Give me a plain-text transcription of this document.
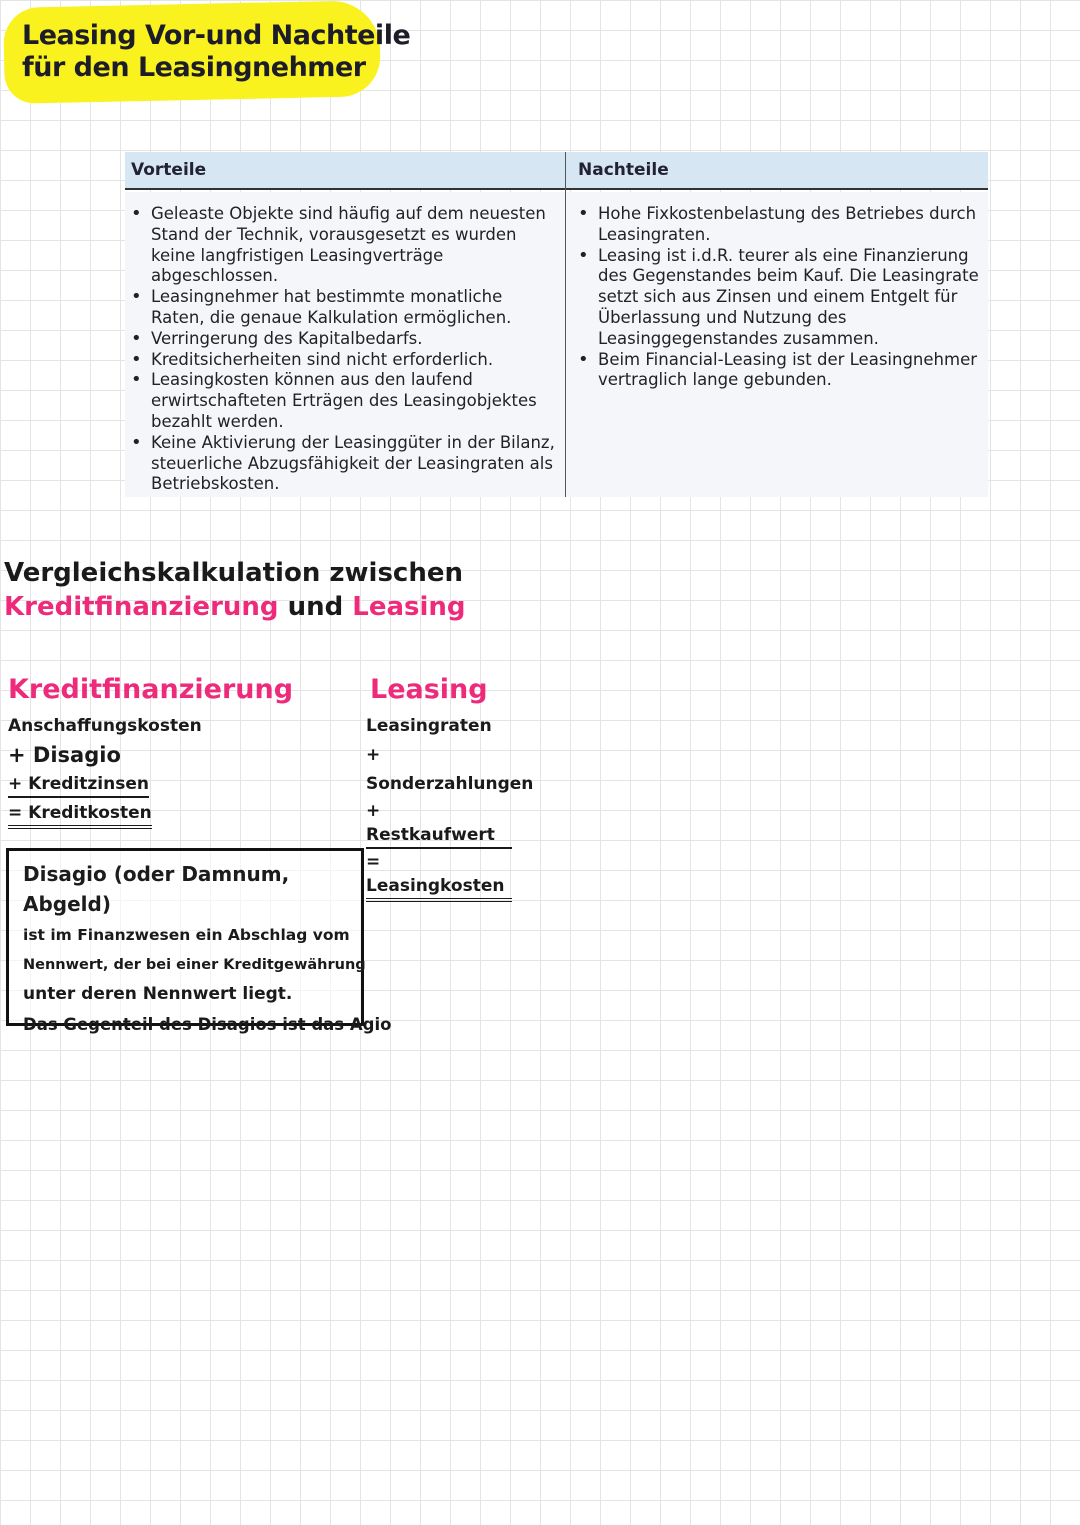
Leasing Vor-und Nachteile
für den Leasingnehmer
Vorteile	Nachteile
• Geleaste Objekte sind häufig auf dem neuesten Stand der Technik, vorausgesetzt es wurden keine langfristigen Leasingverträge abgeschlossen.
• Leasingnehmer hat bestimmte monatliche Raten, die genaue Kalkulation ermöglichen.
• Verringerung des Kapitalbedarfs.
• Kreditsicherheiten sind nicht erforderlich.
• Leasingkosten können aus den laufend erwirtschafteten Erträgen des Leasingobjektes bezahlt werden.
• Keine Aktivierung der Leasinggüter in der Bilanz, steuerliche Abzugsfähigkeit der Leasingraten als Betriebskosten.
• Hohe Fixkostenbelastung des Betriebes durch Leasingraten.
• Leasing ist i.d.R. teurer als eine Finanzierung des Gegenstandes beim Kauf. Die Leasingrate setzt sich aus Zinsen und einem Entgelt für Überlassung und Nutzung des Leasinggegenstandes zusammen.
• Beim Financial-Leasing ist der Leasingnehmer vertraglich lange gebunden.
Vergleichskalkulation zwischen
Kreditfinanzierung und Leasing
Kreditfinanzierung
Anschaffungskosten
+ Disagio
+ Kreditzinsen
= Kreditkosten
Leasing
Leasingraten
+ Sonderzahlungen
+ Restkaufwert
= Leasingkosten
Disagio (oder Damnum, Abgeld)
ist im Finanzwesen ein Abschlag vom
Nennwert, der bei einer Kreditgewährung
unter deren Nennwert liegt.
Das Gegenteil des Disagios ist das Agio
